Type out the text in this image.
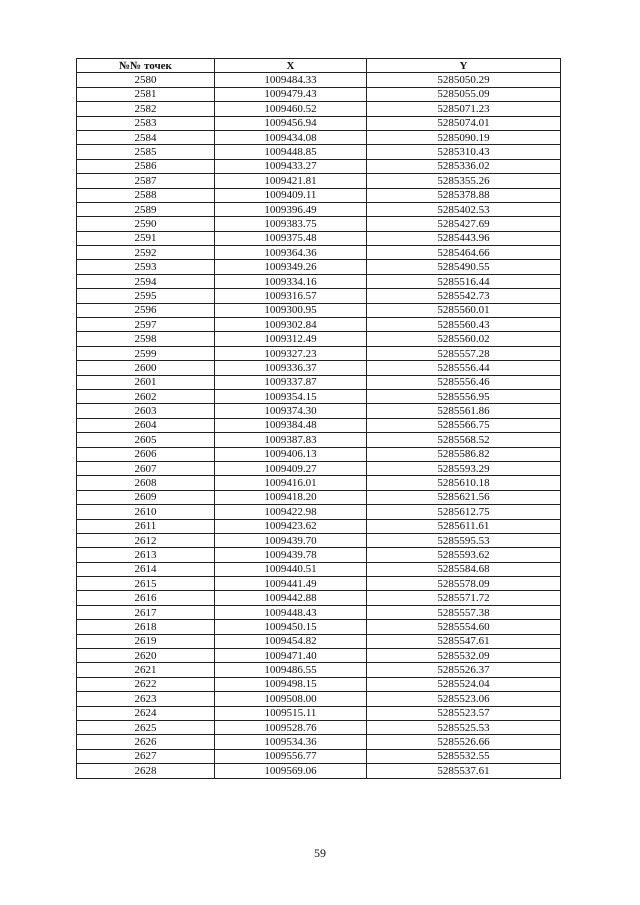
№№ точек	X	Y
2580	1009484.33	5285050.29
2581	1009479.43	5285055.09
2582	1009460.52	5285071.23
2583	1009456.94	5285074.01
2584	1009434.08	5285090.19
2585	1009448.85	5285310.43
2586	1009433.27	5285336.02
2587	1009421.81	5285355.26
2588	1009409.11	5285378.88
2589	1009396.49	5285402.53
2590	1009383.75	5285427.69
2591	1009375.48	5285443.96
2592	1009364.36	5285464.66
2593	1009349.26	5285490.55
2594	1009334.16	5285516.44
2595	1009316.57	5285542.73
2596	1009300.95	5285560.01
2597	1009302.84	5285560.43
2598	1009312.49	5285560.02
2599	1009327.23	5285557.28
2600	1009336.37	5285556.44
2601	1009337.87	5285556.46
2602	1009354.15	5285556.95
2603	1009374.30	5285561.86
2604	1009384.48	5285566.75
2605	1009387.83	5285568.52
2606	1009406.13	5285586.82
2607	1009409.27	5285593.29
2608	1009416.01	5285610.18
2609	1009418.20	5285621.56
2610	1009422.98	5285612.75
2611	1009423.62	5285611.61
2612	1009439.70	5285595.53
2613	1009439.78	5285593.62
2614	1009440.51	5285584.68
2615	1009441.49	5285578.09
2616	1009442.88	5285571.72
2617	1009448.43	5285557.38
2618	1009450.15	5285554.60
2619	1009454.82	5285547.61
2620	1009471.40	5285532.09
2621	1009486.55	5285526.37
2622	1009498.15	5285524.04
2623	1009508.00	5285523.06
2624	1009515.11	5285523.57
2625	1009528.76	5285525.53
2626	1009534.36	5285526.66
2627	1009556.77	5285532.55
2628	1009569.06	5285537.61
59
